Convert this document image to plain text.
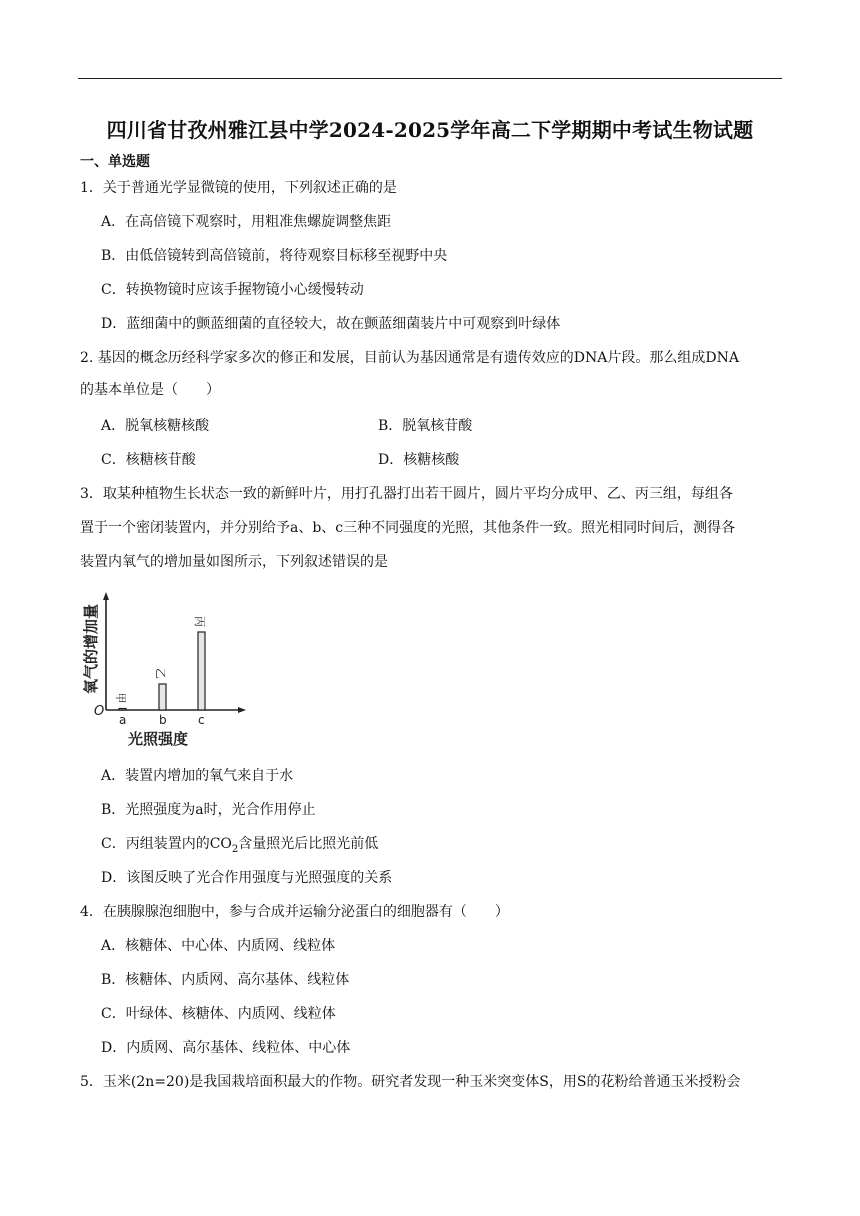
四川省甘孜州雅江县中学2024-2025学年高二下学期期中考试生物试题
一、单选题
1．关于普通光学显微镜的使用，下列叙述正确的是
A．在高倍镜下观察时，用粗准焦螺旋调整焦距
B．由低倍镜转到高倍镜前，将待观察目标移至视野中央
C．转换物镜时应该手握物镜小心缓慢转动
D．蓝细菌中的颤蓝细菌的直径较大，故在颤蓝细菌装片中可观察到叶绿体
2. 基因的概念历经科学家多次的修正和发展，目前认为基因通常是有遗传效应的DNA片段。那么组成DNA
的基本单位是（　　）
A．脱氧核糖核酸	B．脱氧核苷酸
C．核糖核苷酸	D．核糖核酸
3．取某种植物生长状态一致的新鲜叶片，用打孔器打出若干圆片，圆片平均分成甲、乙、丙三组，每组各
置于一个密闭装置内，并分别给予a、b、c三种不同强度的光照，其他条件一致。照光相同时间后，测得各
装置内氧气的增加量如图所示，下列叙述错误的是
O
氧气的增加量
光照强度
a
甲
b
乙
c
丙
A．装置内增加的氧气来自于水
B．光照强度为a时，光合作用停止
C．丙组装置内的$CO_2$含量照光后比照光前低
D．该图反映了光合作用强度与光照强度的关系
4．在胰腺腺泡细胞中，参与合成并运输分泌蛋白的细胞器有（　　）
A．核糖体、中心体、内质网、线粒体
B．核糖体、内质网、高尔基体、线粒体
C．叶绿体、核糖体、内质网、线粒体
D．内质网、高尔基体、线粒体、中心体
5．玉米(2n=20)是我国栽培面积最大的作物。研究者发现一种玉米突变体S，用S的花粉给普通玉米授粉会
